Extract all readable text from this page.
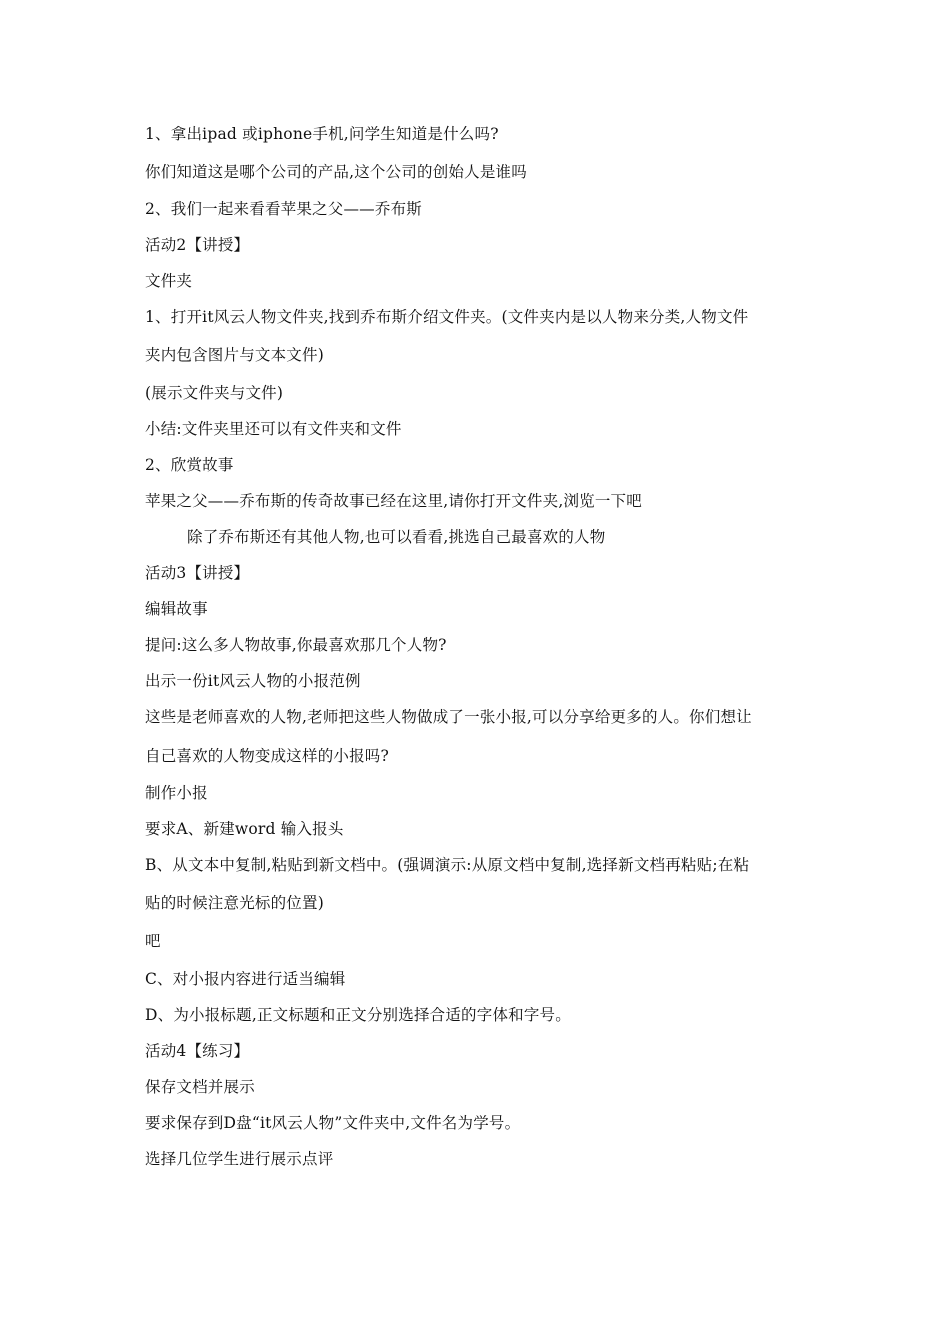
1、拿出ipad 或iphone手机,问学生知道是什么吗?
你们知道这是哪个公司的产品,这个公司的创始人是谁吗
2、我们一起来看看苹果之父——乔布斯
活动2【讲授】
文件夹
1、打开it风云人物文件夹,找到乔布斯介绍文件夹。(文件夹内是以人物来分类,人物文件
夹内包含图片与文本文件)
(展示文件夹与文件)
小结:文件夹里还可以有文件夹和文件
2、欣赏故事
苹果之父——乔布斯的传奇故事已经在这里,请你打开文件夹,浏览一下吧
除了乔布斯还有其他人物,也可以看看,挑选自己最喜欢的人物
活动3【讲授】
编辑故事
提问:这么多人物故事,你最喜欢那几个人物?
出示一份it风云人物的小报范例
这些是老师喜欢的人物,老师把这些人物做成了一张小报,可以分享给更多的人。你们想让
自己喜欢的人物变成这样的小报吗?
制作小报
要求A、新建word 输入报头
B、从文本中复制,粘贴到新文档中。(强调演示:从原文档中复制,选择新文档再粘贴;在粘
贴的时候注意光标的位置)
吧
C、对小报内容进行适当编辑
D、为小报标题,正文标题和正文分别选择合适的字体和字号。
活动4【练习】
保存文档并展示
要求保存到D盘“it风云人物”文件夹中,文件名为学号。
选择几位学生进行展示点评
